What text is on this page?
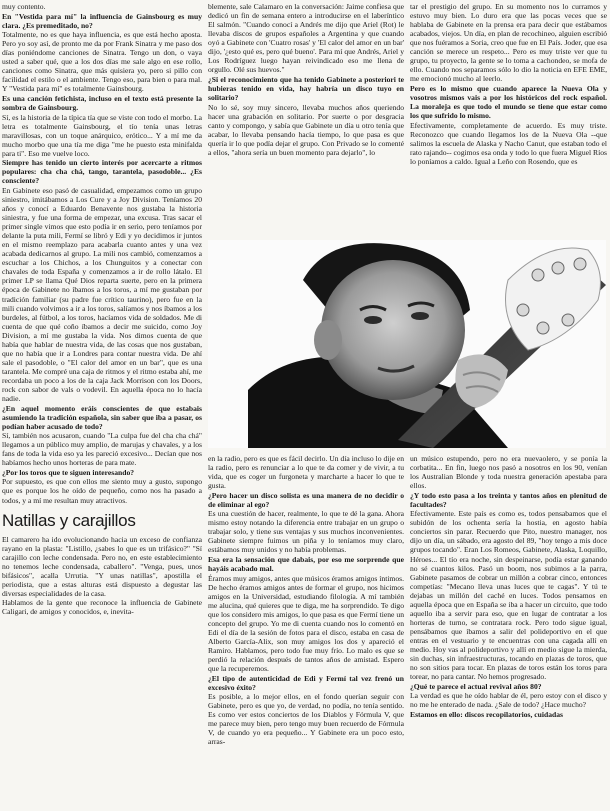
muy contento.

En "Vestida para mí" la influencia de Gainsbourg es muy clara. ¿Es premeditado, no?

Totalmente, no es que haya influencia, es que está hecho aposta. Pero yo soy así, de pronto me da por Frank Sinatra y me paso dos días poniéndome canciones de Sinatra. Tengo un don, o vaya usted a saber qué, que a los dos días me sale algo en ese rollo, canciones como Sinatra, que más quisiera yo, pero si pillo con facilidad el estilo o el ambiente. Tengo eso, para bien o para mal. Y "Vestida para mí" es totalmente Gainsbourg.

Es una canción fetichista, incluso en el texto está presente la sombra de Gainsbourg.

Sí, es la historia de la típica tía que se viste con todo el morbo. La letra es totalmente Gainsbourg, el tío tenía unas letras maravillosas, con un toque anárquico, erótico... Y a mí me da mucho morbo que una tía me diga "me he puesto esta minifalda para ti". Eso me vuelve loco.

Siempre has tenido un cierto interés por acercarte a ritmos populares: cha cha chá, tango, tarantela, pasodoble... ¿Es consciente?

En Gabinete eso pasó de casualidad, empezamos como un grupo siniestro, imitábamos a Los Cure y a Joy Division. Teníamos 20 años y conocí a Eduardo Benavente nos gustaba la historia siniestra, y fue una forma de empezar, una excusa. Tras sacar el primer single vimos que esto podía ir en serio, pero teníamos por delante la puta mili, Fermí se libró y Edi y yo decidimos ir juntos en el mismo reemplazo para acabarla cuanto antes y una vez acabada dedicarnos al grupo. La mili nos cambió, comenzamos a escuchar a los Chichos, a los Chunguitos y a conectar con chavales de toda España y comenzamos a ir de rollo látalo. El primer LP se llama Qué Dios reparta suerte, pero en la primera época de Gabinete no íbamos a los toros, a mí me gustaban por tradición familiar (su padre fue crítico taurino), pero fue en la mili cuando volvimos a ir a los toros, salíamos y nos íbamos a los burdeles, al fútbol, a los toros, hacíamos vida de soldados. Me di cuenta de que qué coño íbamos a decir me suicido, como Joy Division, a mí me gustaba la vida. Nos dimos cuenta de que había que hablar de nuestra vida, de las cosas que nos gustaban, que no había que ir a Londres para contar nuestra vida. De ahí sale el pasodoble, o "El calor del amor en un bar", que es una tarantela. Me compré una caja de ritmos y el ritmo estaba ahí, me recordaba un poco a los de la caja Jack Morrison con los Doors, rock con sabor de vals o vodevil. En aquella época no lo hacía nadie.

¿En aquel momento eráis conscientes de que estabais asumiendo la tradición española, sin saber que iba a pasar, os podían haber acusado de todo?

Sí, también nos acusaron, cuando "La culpa fue del cha cha chá" llegamos a un público muy amplio, de marujas y chavales, y a los fans de toda la vida eso ya les pareció excesivo... Decían que nos habíamos hecho unos horteras de para mate.

¿Por los toros que te siguen interesando?

Por supuesto, es que con ellos me siento muy a gusto, supongo que es porque los he oído de pequeño, como nos ha pasado a todos, y a mí me resultan muy atractivos.

Natillas y carajillos

El camarero ha ido evolucionando hacia un exceso de confianza rayano en la plasta: "Listillo, ¿sabes lo que es un trifásico?" "Sí carajillo con leche condensada. Pero no, en este establecimiento no tenemos leche condensada, caballero". "Venga, pues, unos bifásicos", acalla Urrutia. "Y unas natillas", apostilla el periodista, que a estas alturas está dispuesto a degustar las diversas especialidades de la casa.

Hablamos de la gente que reconoce la influencia de Gabinete Caligari, de amigos y conocidos, e, inevita-

blemente, sale Calamaro en la conversación: Jaime confiesa que dedicó un fin de semana entero a introducirse en el laberíntico El salmón. "Cuando conocí a Andrés me dijo que Ariel (Rot) le llevaba discos de grupos españoles a Argentina y que cuando oyó a Gabinete con 'Cuatro rosas' y 'El calor del amor en un bar' dijo, '¿esto qué es, pero qué bueno'. Para mí que Andrés, Ariel y Los Rodríguez luego hayan reivindicado eso me llena de orgullo. Olé sus huevos."

¿Si el reconocimiento que ha tenido Gabinete a posteriori te hubieras tenido en vida, hay habría un disco tuyo en solitario?

No lo sé, soy muy sincero, llevaba muchos años queriendo hacer una grabación en solitario. Por suerte o por desgracia canto y compongo, y sabía que Gabinete un día u otro tenía que acabar, lo llevaba pensando hacía tiempo, lo que pasa es que quería ir lo que podía dejar el grupo. Con Privado se lo comenté a ellos, "ahora sería un buen momento para dejarlo", lo

tar el prestigio del grupo. En su momento nos lo curramos y estuvo muy bien. Lo duro era que las pocas veces que se hablaba de Gabinete en la prensa era para decir que estábamos acabados, viejos. Un día, en plan de recochineo, alguien escribió que nos fuéramos a Soria, creo que fue en El País. Joder, que esa canción se merece un respeto... Pero es muy triste ver que tu grupo, tu proyecto, la gente se lo toma a cachondeo, se mofa de ello. Cuando nos separamos sólo lo dio la noticia en EFE EME, me emocionó mucho al leerlo.

Pero es lo mismo que cuando aparece la Nueva Ola y vosotros mismos vais a por los históricos del rock español. La moraleja es que todo el mundo se tiene que estar como los que sufrido lo mismo.

Efectivamente, completamente de acuerdo. Es muy triste. Reconozco que cuando llegamos los de la Nueva Ola --que salimos la escuela de Alaska y Nacho Canut, que estaban todo el rato rajando-- cogimos esa onda y todo lo que fuera Miguel Ríos lo poníamos a caldo. Igual a Leño con Rosendo, que es

en la radio, pero es que es fácil decirlo. Un día incluso lo dije en la radio, pero es renunciar a lo que te da comer y de vivir, a tu vida, que es coger un furgoneta y marcharte a hacer lo que te gusta.

¿Pero hacer un disco solista es una manera de no decidir o de eliminar al ego?

Es una cuestión de hacer, realmente, lo que te dé la gana. Ahora mismo estoy notando la diferencia entre trabajar en un grupo o trabajar solo, y tiene sus ventajas y sus muchos inconvenientes. Gabinete siempre fuimos un piña y lo teníamos muy claro, estábamos muy unidos y no había problemas.

Esa era la sensación que dabais, por eso me sorprende que hayáis acabado mal.

Éramos muy amigos, antes que músicos éramos amigos íntimos. De hecho éramos amigos antes de formar el grupo, nos hicimos amigos en la Universidad, estudiando filología. A mí también me alucina, qué quieres que te diga, me ha sorprendido. Te digo que los considero mis amigos, lo que pasa es que Fermí tiene un concepto del grupo. Yo me di cuenta cuando nos lo comentó en Edi el día de la sesión de fotos para el disco, estaba en casa de Alberto García-Alix, son muy amigos los dos y apareció el Ramiro. Hablamos, pero todo fue muy frío. Lo malo es que se perdió la relación después de tantos años de amistad. Espero que la recuperemos.

¿El tipo de autenticidad de Edi y Fermí tal vez frenó un excesivo éxito?

Es posible, a lo mejor ellos, en el fondo querían seguir con Gabinete, pero es que yo, de verdad, no podía, no tenía sentido. Es como ver estos conciertos de los Diablos y Fórmula V, que me parece muy bien, pero tengo muy buen recuerdo de Fórmula V, de cuando yo era pequeño... Y Gabinete era un poco esto, arras-

un músico estupendo, pero no era nuevaolero, y se ponía la corbatita... En fin, luego nos pasó a nosotros en los 90, venían los Australian Blonde y toda nuestra generación apestaba para ellos.

¿Y todo esto pasa a los treinta y tantos años en plenitud de facultades?

Efectivamente. Este país es como es, todos pensabamos que el subidón de los ochenta sería la hostia, en agosto había conciertos sin parar. Recuerdo que Pito, nuestro manager, nos dijo un día, un sábado, era agosto del 89, "hoy tengo a mis doce grupos tocando". Eran Los Romeos, Gabinete, Alaska, Loquillo, Héroes... El tío era noche, sin despeinarse, podía estar ganando no sé cuantos kilos. Pasó un boom, nos subimos a la parra, Gabinete pasamos de cobrar un millón a cobrar cinco, entonces competías: "Mecano lleva unas luces que te cagas". Y tú te dejabas un millón del caché en luces. Todos pensamos en aquella época que en España se iba a hacer un circuito, que todo aquello iba a servir para eso, que en lugar de contratar a los horteras de turno, se contratara rock. Pero todo sigue igual, pensábamos que íbamos a salir del polideportivo en el que entras en el vestuario y te encuentras con una cagada allí en medio. Hoy vas al polideportivo y allí en medio sigue la mierda, sin duchas, sin infraestructuras, tocando en plazas de toros, que no son sitios para tocar. En plazas de toros están los toros para torear, no para cantar. No hemos progresado.

¿Qué te parece el actual revival años 80?

La verdad es que he oído hablar de él, pero estoy con el disco y no me he enterado de nada. ¿Sale de todo? ¿Hace mucho?

Estamos en ello: discos recopilatorios, cuidadas
